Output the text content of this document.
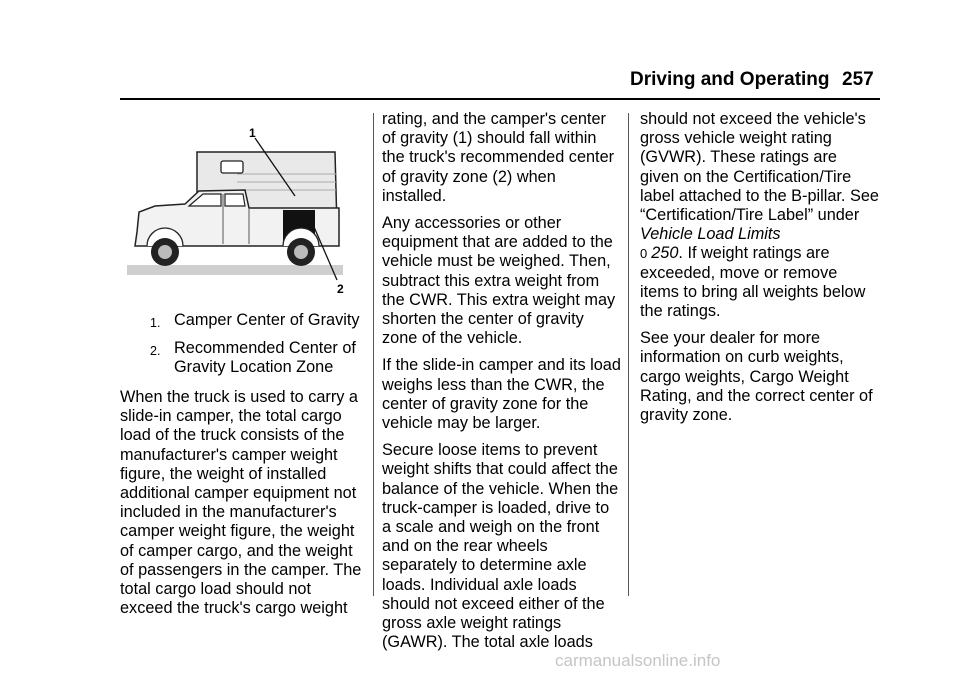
Driving and Operating 257
1
2
1. Camper Center of Gravity
2. Recommended Center of Gravity Location Zone

When the truck is used to carry a slide-in camper, the total cargo load of the truck consists of the manufacturer's camper weight figure, the weight of installed additional camper equipment not included in the manufacturer's camper weight figure, the weight of camper cargo, and the weight of passengers in the camper. The total cargo load should not exceed the truck's cargo weight

rating, and the camper's center of gravity (1) should fall within the truck's recommended center of gravity zone (2) when installed.

Any accessories or other equipment that are added to the vehicle must be weighed. Then, subtract this extra weight from the CWR. This extra weight may shorten the center of gravity zone of the vehicle.

If the slide-in camper and its load weighs less than the CWR, the center of gravity zone for the vehicle may be larger.

Secure loose items to prevent weight shifts that could affect the balance of the vehicle. When the truck-camper is loaded, drive to a scale and weigh on the front and on the rear wheels separately to determine axle loads. Individual axle loads should not exceed either of the gross axle weight ratings (GAWR). The total axle loads

should not exceed the vehicle's gross vehicle weight rating (GVWR). These ratings are given on the Certification/Tire label attached to the B-pillar. See “Certification/Tire Label” under Vehicle Load Limits
0 250. If weight ratings are exceeded, move or remove items to bring all weights below the ratings.

See your dealer for more information on curb weights, cargo weights, Cargo Weight Rating, and the correct center of gravity zone.

carmanualsonline.info
